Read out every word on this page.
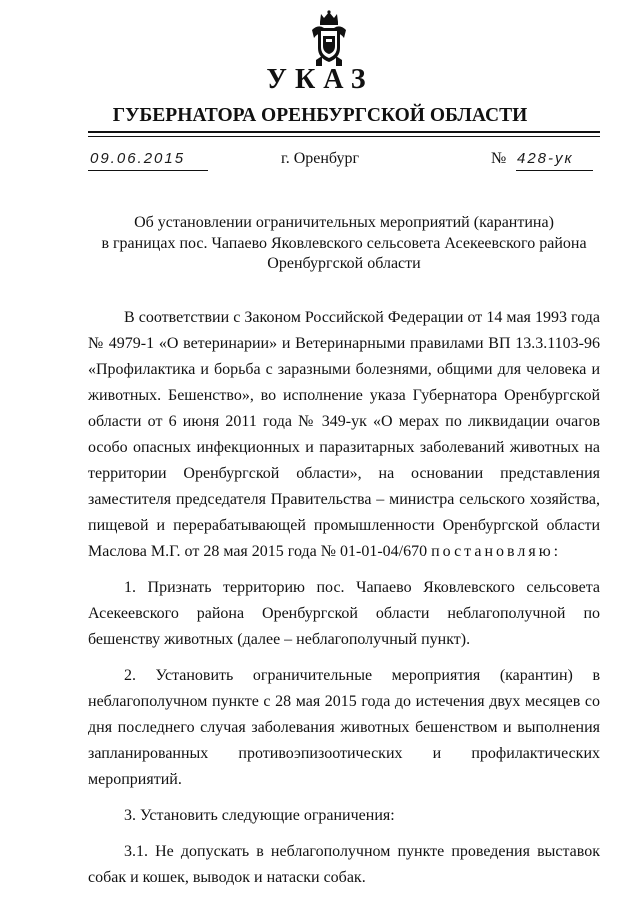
УКАЗ
ГУБЕРНАТОРА ОРЕНБУРГСКОЙ ОБЛАСТИ
09.06.2015	г. Оренбург	№ 428-ук
Об установлении ограничительных мероприятий (карантина)
в границах пос. Чапаево Яковлевского сельсовета Асекеевского района
Оренбургской области

В соответствии с Законом Российской Федерации от 14 мая 1993 года № 4979-1 «О ветеринарии» и Ветеринарными правилами ВП 13.3.1103-96 «Профилактика и борьба с заразными болезнями, общими для человека и животных. Бешенство», во исполнение указа Губернатора Оренбургской области от 6 июня 2011 года № 349-ук «О мерах по ликвидации очагов особо опасных инфекционных и паразитарных заболеваний животных на территории Оренбургской области», на основании представления заместителя председателя Правительства – министра сельского хозяйства, пищевой и перерабатывающей промышленности Оренбургской области Маслова М.Г. от 28 мая 2015 года № 01-01-04/670 постановляю:

1. Признать территорию пос. Чапаево Яковлевского сельсовета Асекеевского района Оренбургской области неблагополучной по бешенству животных (далее – неблагополучный пункт).

2. Установить ограничительные мероприятия (карантин) в неблагополучном пункте с 28 мая 2015 года до истечения двух месяцев со дня последнего случая заболевания животных бешенством и выполнения запланированных противоэпизоотических и профилактических мероприятий.

3. Установить следующие ограничения:

3.1. Не допускать в неблагополучном пункте проведения выставок собак и кошек, выводок и натаски собак.
